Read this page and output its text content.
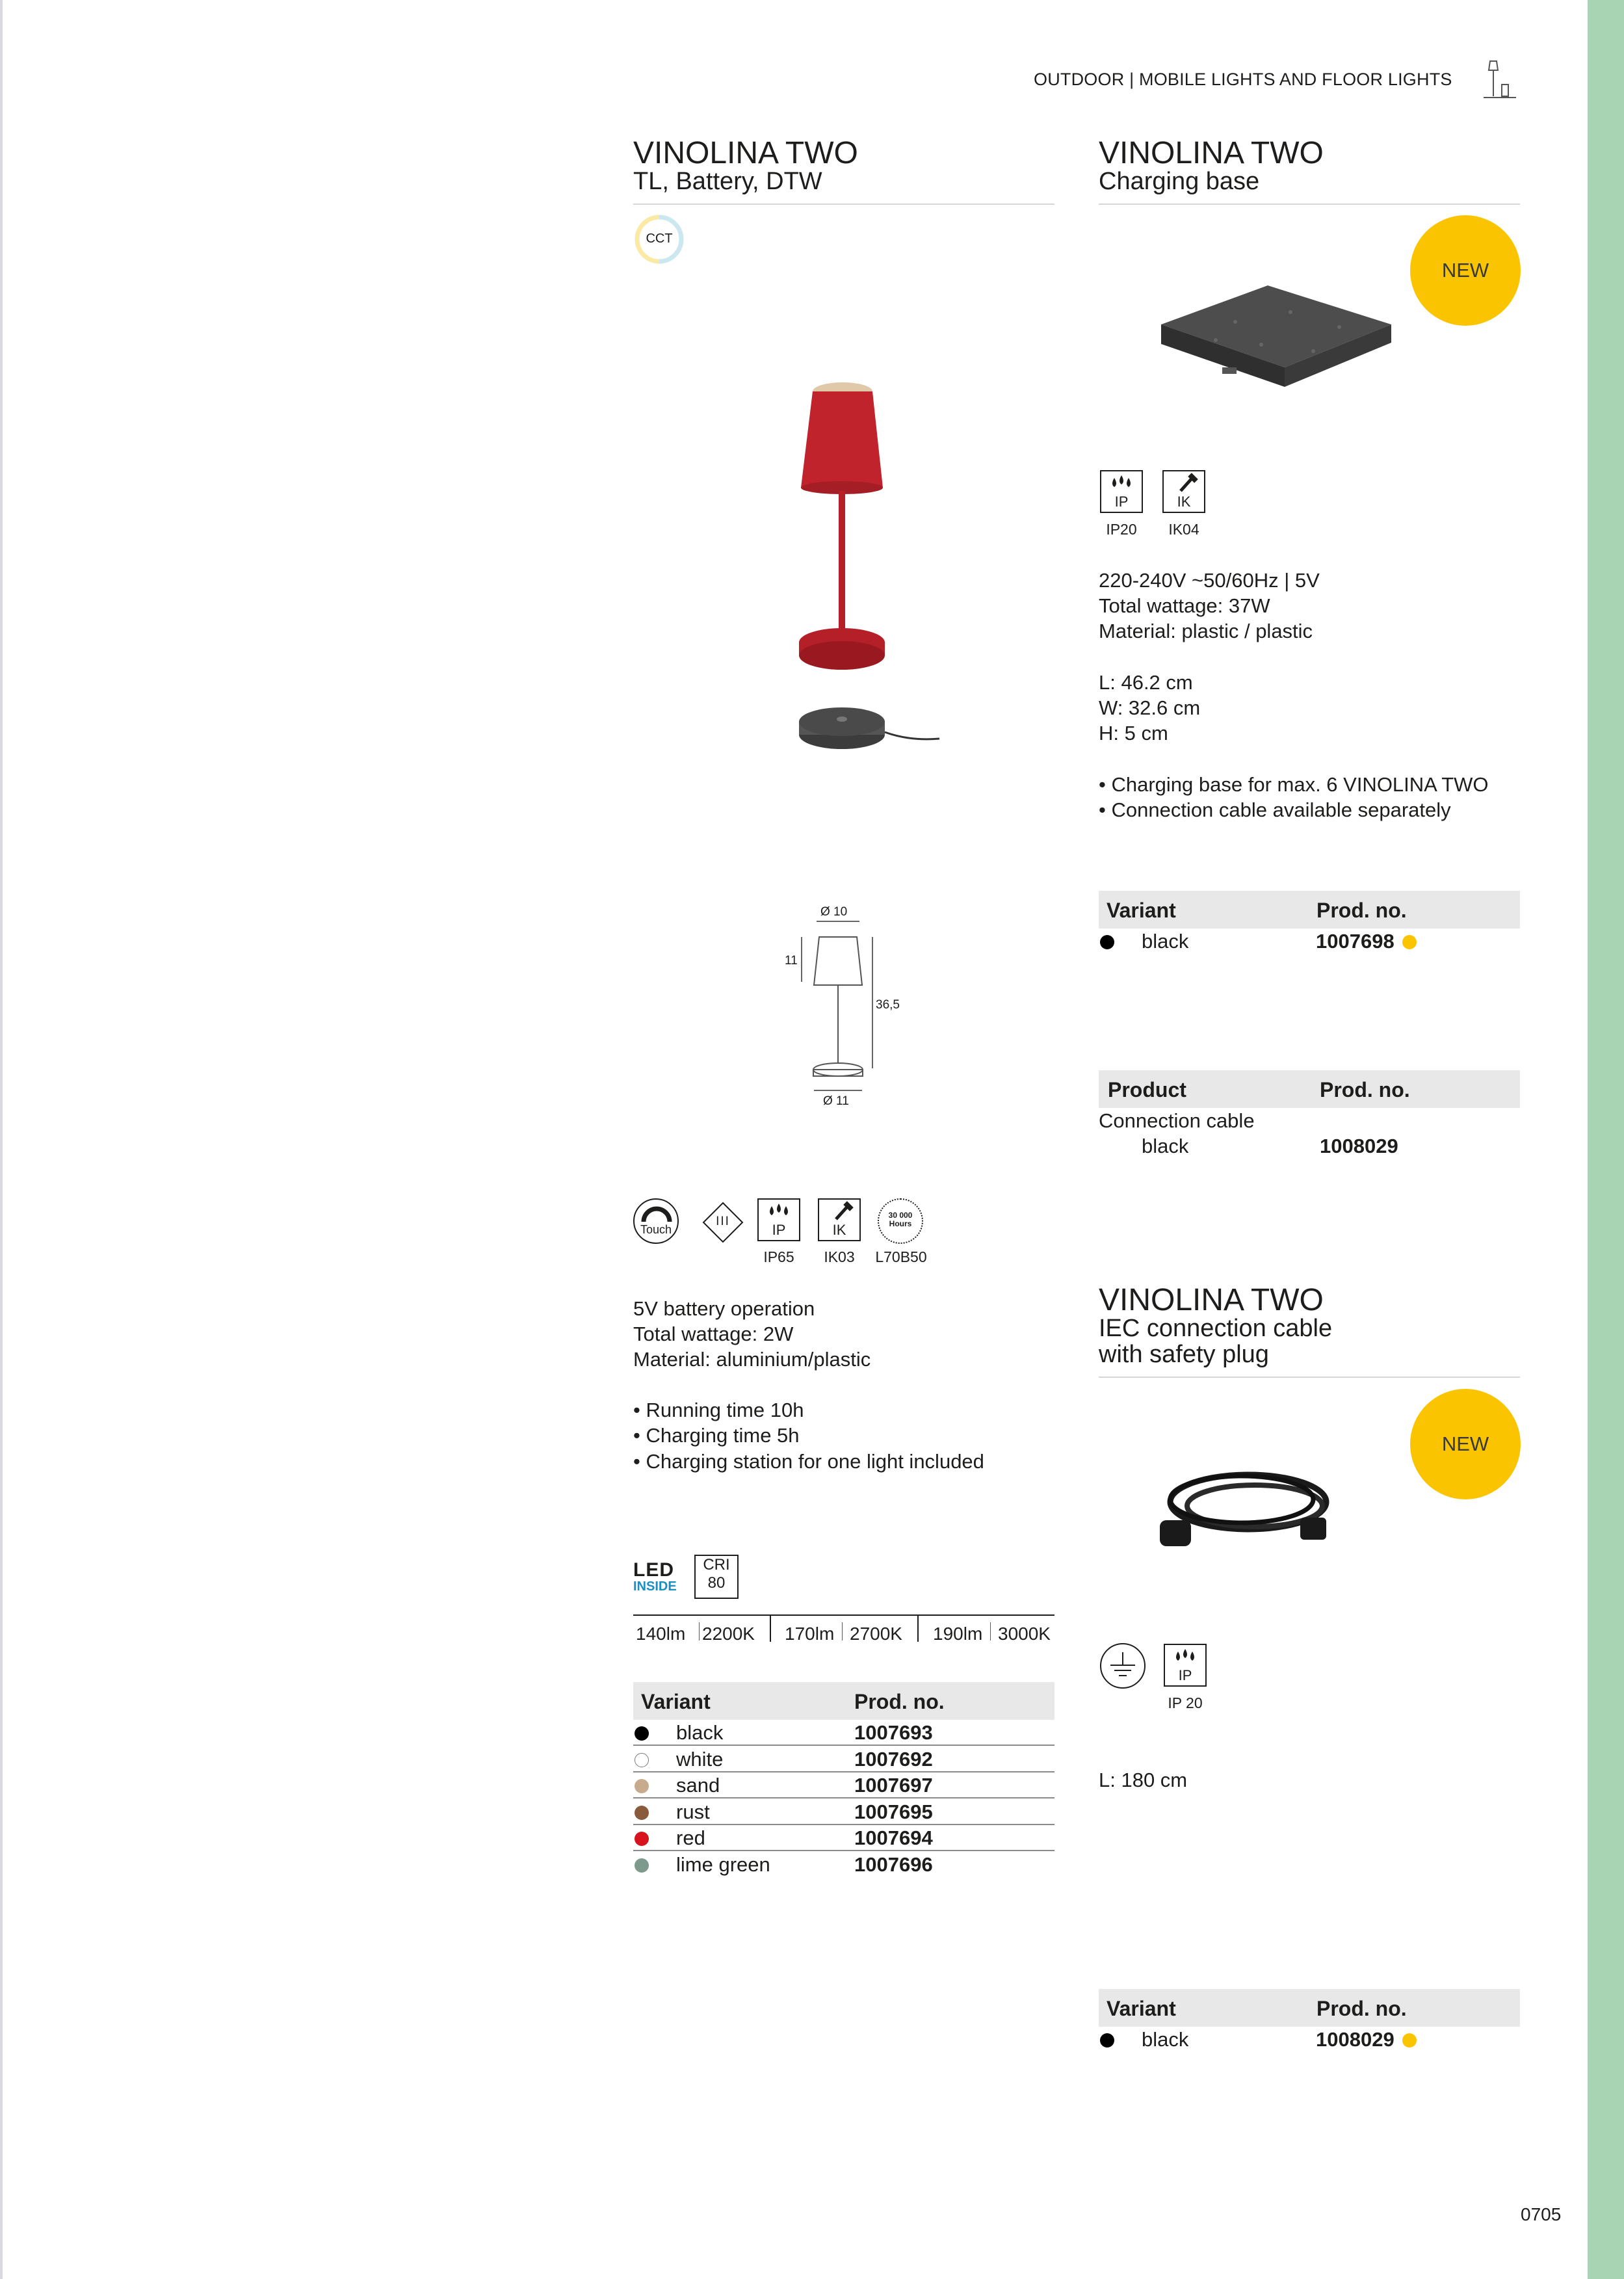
OUTDOOR | MOBILE LIGHTS AND FLOOR LIGHTS
VINOLINA TWO
TL, Battery, DTW
CCT
Ø 10
11
36,5
Ø 11
Touch
III
IP
IP65
IK
IK03
30 000 Hours
L70B50
5V battery operation
Total wattage: 2W
Material: aluminium/plastic
• Running time 10h
• Charging time 5h
• Charging station for one light included
LED
INSIDE
CRI
80
140lm 2200K 170lm 2700K 190lm 3000K
Variant	Prod. no.
black	1007693
white	1007692
sand	1007697
rust	1007695
red	1007694
lime green	1007696
VINOLINA TWO
Charging base
NEW
IP
IP20
IK
IK04
220-240V ~50/60Hz | 5V
Total wattage: 37W
Material: plastic / plastic
L: 46.2 cm
W: 32.6 cm
H: 5 cm
• Charging base for max. 6 VINOLINA TWO
• Connection cable available separately
Variant	Prod. no.
black	1007698
Product	Prod. no.
Connection cable
black	1008029
VINOLINA TWO
IEC connection cable
with safety plug
NEW
IP
IP 20
L: 180 cm
Variant	Prod. no.
black	1008029
0705
